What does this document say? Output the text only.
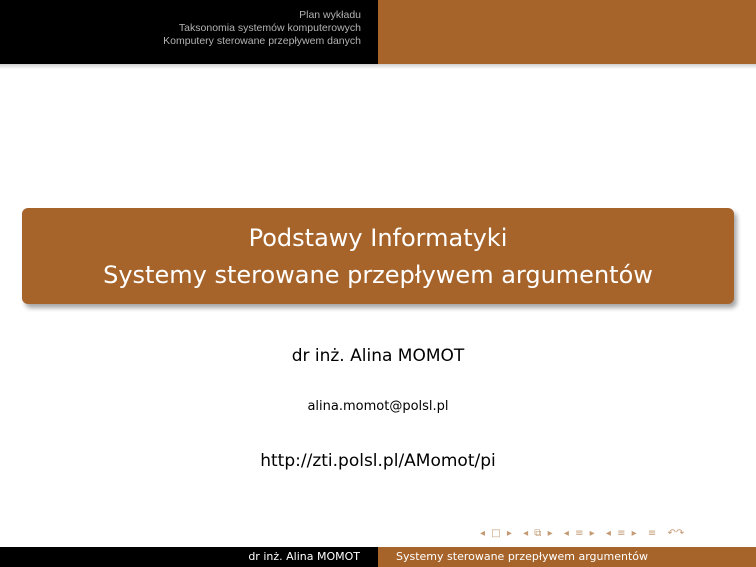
Plan wykładu
Taksonomia systemów komputerowych
Komputery sterowane przepływem danych
Podstawy Informatyki
Systemy sterowane przepływem argumentów
dr inż. Alina MOMOT
alina.momot@polsl.pl
http://zti.polsl.pl/AMomot/pi
◂ □ ▸ ◂ ⧉ ▸ ◂ ≡ ▸ ◂ ≡ ▸ ≡ ↶↷
dr inż. Alina MOMOT	Systemy sterowane przepływem argumentów
